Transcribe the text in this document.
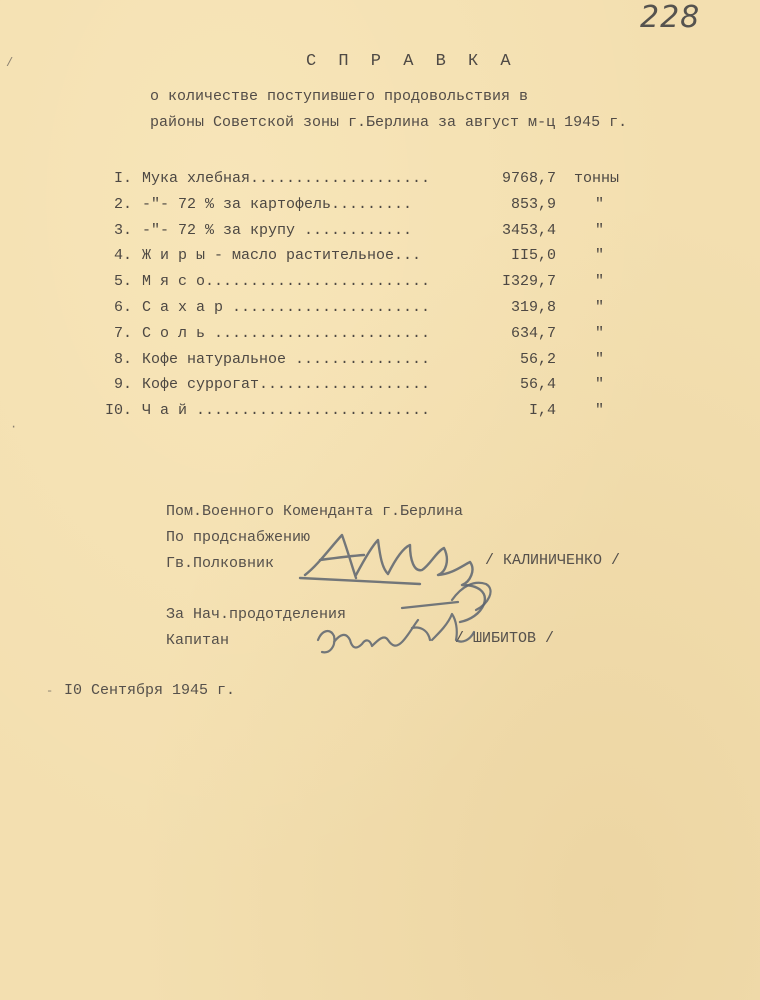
228
С П Р А В К А
о количестве поступившего продовольствия в
районы Советской зоны г.Берлина за август м-ц 1945 г.
I. Мука хлебная....................	9768,7 тонны
2. -"- 72 % за картофель.........	853,9	"
3. -"- 72 % за крупу ............	3453,4	"
4. Ж и р ы - масло растительное...	II5,0	"
5. М я с о.........................	I329,7	"
6. С а х а р ......................	319,8	"
7. С о л ь ........................	634,7	"
8. Кофе натуральное ...............	56,2	"
9. Кофе суррогат...................	56,4	"
I0. Ч а й ..........................	I,4	"
Пом.Военного Коменданта г.Берлина
По продснабжению
Гв.Полковник	/ КАЛИНИЧЕНКО /
За Нач.продотделения
Капитан	/ ШИБИТОВ /
I0 Сентября 1945 г.
/
·
-
